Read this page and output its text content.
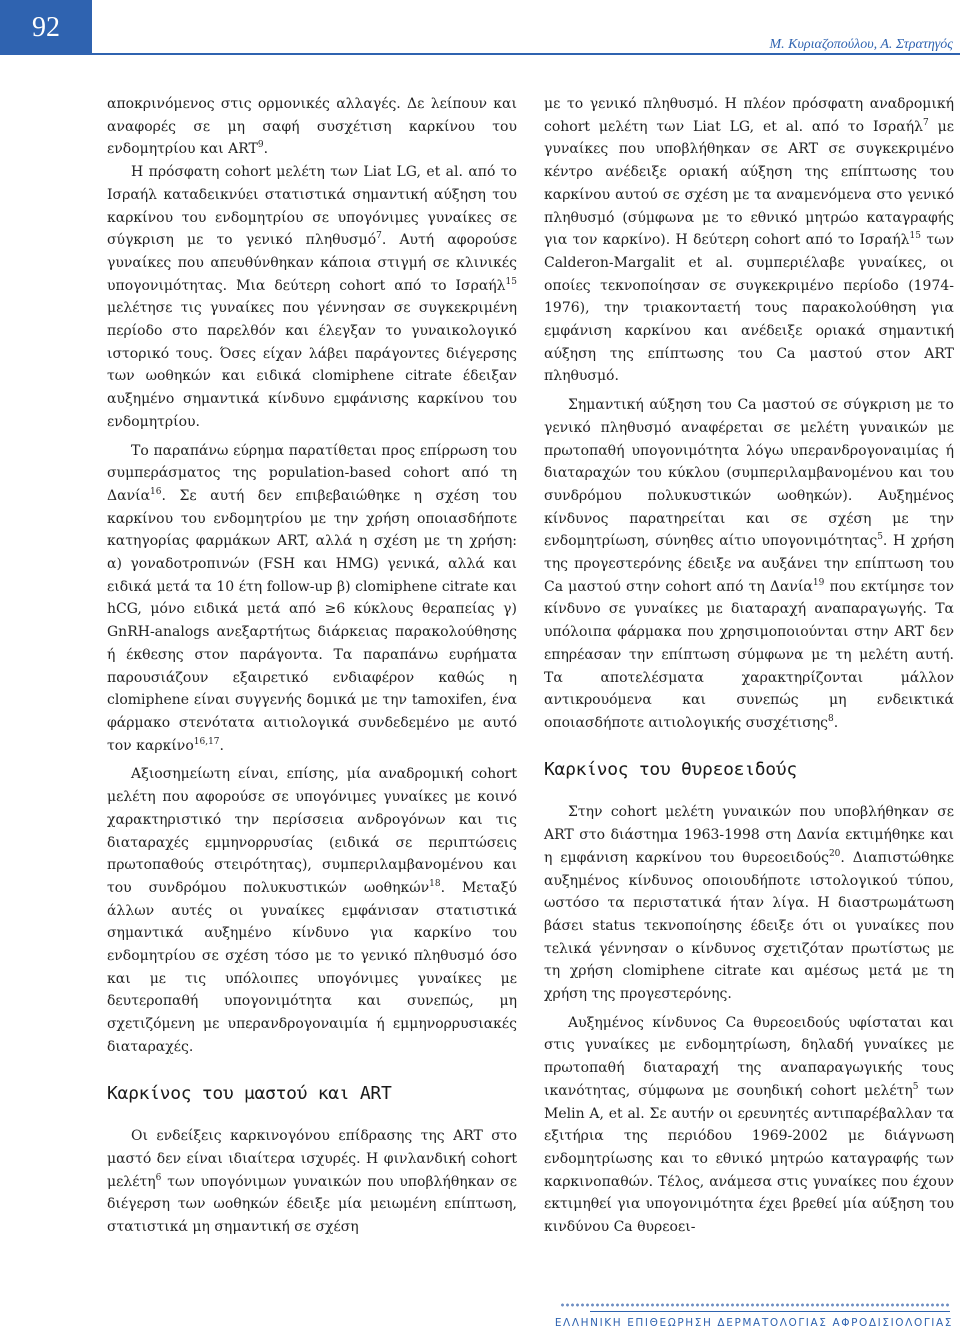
92
Μ. Κυριαζοπούλου, Α. Στρατηγός

αποκρινόμενος στις ορμονικές αλλαγές. Δε λείπουν και αναφορές σε μη σαφή συσχέτιση καρκίνου του ενδομητρίου και ART$^9$.

Η πρόσφατη cohort μελέτη των Liat LG, et al. από το Ισραήλ καταδεικνύει στατιστικά σημαντική αύξηση του καρκίνου του ενδομητρίου σε υπογόνιμες γυναίκες σε σύγκριση με το γενικό πληθυσμό$^7$. Αυτή αφορούσε γυναίκες που απευθύνθηκαν κάποια στιγμή σε κλινικές υπογονιμότητας. Μια δεύτερη cohort από το Ισραήλ$^{15}$ μελέτησε τις γυναίκες που γέννησαν σε συγκεκριμένη περίοδο στο παρελθόν και έλεγξαν το γυναικολογικό ιστορικό τους. Όσες είχαν λάβει παράγοντες διέγερσης των ωοθηκών και ειδικά clomiphene citrate έδειξαν αυξημένο σημαντικά κίνδυνο εμφάνισης καρκίνου του ενδομητρίου.

Το παραπάνω εύρημα παρατίθεται προς επίρρωση του συμπεράσματος της population-based cohort από τη Δανία$^{16}$. Σε αυτή δεν επιβεβαιώθηκε η σχέση του καρκίνου του ενδομητρίου με την χρήση οποιασδήποτε κατηγορίας φαρμάκων ART, αλλά η σχέση με τη χρήση: α) γοναδοτροπινών (FSH και HMG) γενικά, αλλά και ειδικά μετά τα 10 έτη follow-up β) clomiphene citrate και hCG, μόνο ειδικά μετά από ≥6 κύκλους θεραπείας γ) GnRH-analogs ανεξαρτήτως διάρκειας παρακολούθησης ή έκθεσης στον παράγοντα. Τα παραπάνω ευρήματα παρουσιάζουν εξαιρετικό ενδιαφέρον καθώς η clomiphene είναι συγγενής δομικά με την tamoxifen, ένα φάρμακο στενότατα αιτιολογικά συνδεδεμένο με αυτό τον καρκίνο$^{16,17}$.

Αξιοσημείωτη είναι, επίσης, μία αναδρομική cohort μελέτη που αφορούσε σε υπογόνιμες γυναίκες με κοινό χαρακτηριστικό την περίσσεια ανδρογόνων και τις διαταραχές εμμηνορρυσίας (ειδικά σε περιπτώσεις πρωτοπαθούς στειρότητας), συμπεριλαμβανομένου και του συνδρόμου πολυκυστικών ωοθηκών$^{18}$. Μεταξύ άλλων αυτές οι γυναίκες εμφάνισαν στατιστικά σημαντικά αυξημένο κίνδυνο για καρκίνο του ενδομητρίου σε σχέση τόσο με το γενικό πληθυσμό όσο και με τις υπόλοιπες υπογόνιμες γυναίκες με δευτεροπαθή υπογονιμότητα και συνεπώς, μη σχετιζόμενη με υπερανδρογοναιμία ή εμμηνορρυσιακές διαταραχές.

Καρκίνος του μαστού και ART

Οι ενδείξεις καρκινογόνου επίδρασης της ART στο μαστό δεν είναι ιδιαίτερα ισχυρές. Η φινλανδική cohort μελέτη$^6$ των υπογόνιμων γυναικών που υποβλήθηκαν σε διέγερση των ωοθηκών έδειξε μία μειωμένη επίπτωση, στατιστικά μη σημαντική σε σχέση

με το γενικό πληθυσμό. Η πλέον πρόσφατη αναδρομική cohort μελέτη των Liat LG, et al. από το Ισραήλ$^7$ με γυναίκες που υποβλήθηκαν σε ART σε συγκεκριμένο κέντρο ανέδειξε οριακή αύξηση της επίπτωσης του καρκίνου αυτού σε σχέση με τα αναμενόμενα στο γενικό πληθυσμό (σύμφωνα με το εθνικό μητρώο καταγραφής για τον καρκίνο). Η δεύτερη cohort από το Ισραήλ$^{15}$ των Calderon-Margalit et al. συμπεριέλαβε γυναίκες, οι οποίες τεκνοποίησαν σε συγκεκριμένο περίοδο (1974-1976), την τριακονταετή τους παρακολούθηση για εμφάνιση καρκίνου και ανέδειξε οριακά σημαντική αύξηση της επίπτωσης του Ca μαστού στον ART πληθυσμό.

Σημαντική αύξηση του Ca μαστού σε σύγκριση με το γενικό πληθυσμό αναφέρεται σε μελέτη γυναικών με πρωτοπαθή υπογονιμότητα λόγω υπερανδρογοναιμίας ή διαταραχών του κύκλου (συμπεριλαμβανομένου και του συνδρόμου πολυκυστικών ωοθηκών). Αυξημένος κίνδυνος παρατηρείται και σε σχέση με την ενδομητρίωση, σύνηθες αίτιο υπογονιμότητας$^5$. Η χρήση της προγεστερόνης έδειξε να αυξάνει την επίπτωση του Ca μαστού στην cohort από τη Δανία$^{19}$ που εκτίμησε τον κίνδυνο σε γυναίκες με διαταραχή αναπαραγωγής. Τα υπόλοιπα φάρμακα που χρησιμοποιούνται στην ART δεν επηρέασαν την επίπτωση σύμφωνα με τη μελέτη αυτή. Τα αποτελέσματα χαρακτηρίζονται μάλλον αντικρουόμενα και συνεπώς μη ενδεικτικά οποιασδήποτε αιτιολογικής συσχέτισης$^8$.

Καρκίνος του θυρεοειδούς

Στην cohort μελέτη γυναικών που υποβλήθηκαν σε ART στο διάστημα 1963-1998 στη Δανία εκτιμήθηκε και η εμφάνιση καρκίνου του θυρεοειδούς$^{20}$. Διαπιστώθηκε αυξημένος κίνδυνος οποιουδήποτε ιστολογικού τύπου, ωστόσο τα περιστατικά ήταν λίγα. Η διαστρωμάτωση βάσει status τεκνοποίησης έδειξε ότι οι γυναίκες που τελικά γέννησαν ο κίνδυνος σχετιζόταν πρωτίστως με τη χρήση clomiphene citrate και αμέσως μετά με τη χρήση της προγεστερόνης.

Αυξημένος κίνδυνος Ca θυρεοειδούς υφίσταται και στις γυναίκες με ενδομητρίωση, δηλαδή γυναίκες με πρωτοπαθή διαταραχή της αναπαραγωγικής τους ικανότητας, σύμφωνα με σουηδική cohort μελέτη$^5$ των Melin A, et al. Σε αυτήν οι ερευνητές αντιπαρέβαλλαν τα εξιτήρια της περιόδου 1969-2002 με διάγνωση ενδομητρίωσης και το εθνικό μητρώο καταγραφής των καρκινοπαθών. Τέλος, ανάμεσα στις γυναίκες που έχουν εκτιμηθεί για υπογονιμότητα έχει βρεθεί μία αύξηση του κινδύνου Ca θυρεοει-

ΕΛΛΗΝΙΚΗ ΕΠΙΘΕΩΡΗΣΗ ΔΕΡΜΑΤΟΛΟΓΙΑΣ ΑΦΡΟΔΙΣΙΟΛΟΓΙΑΣ
